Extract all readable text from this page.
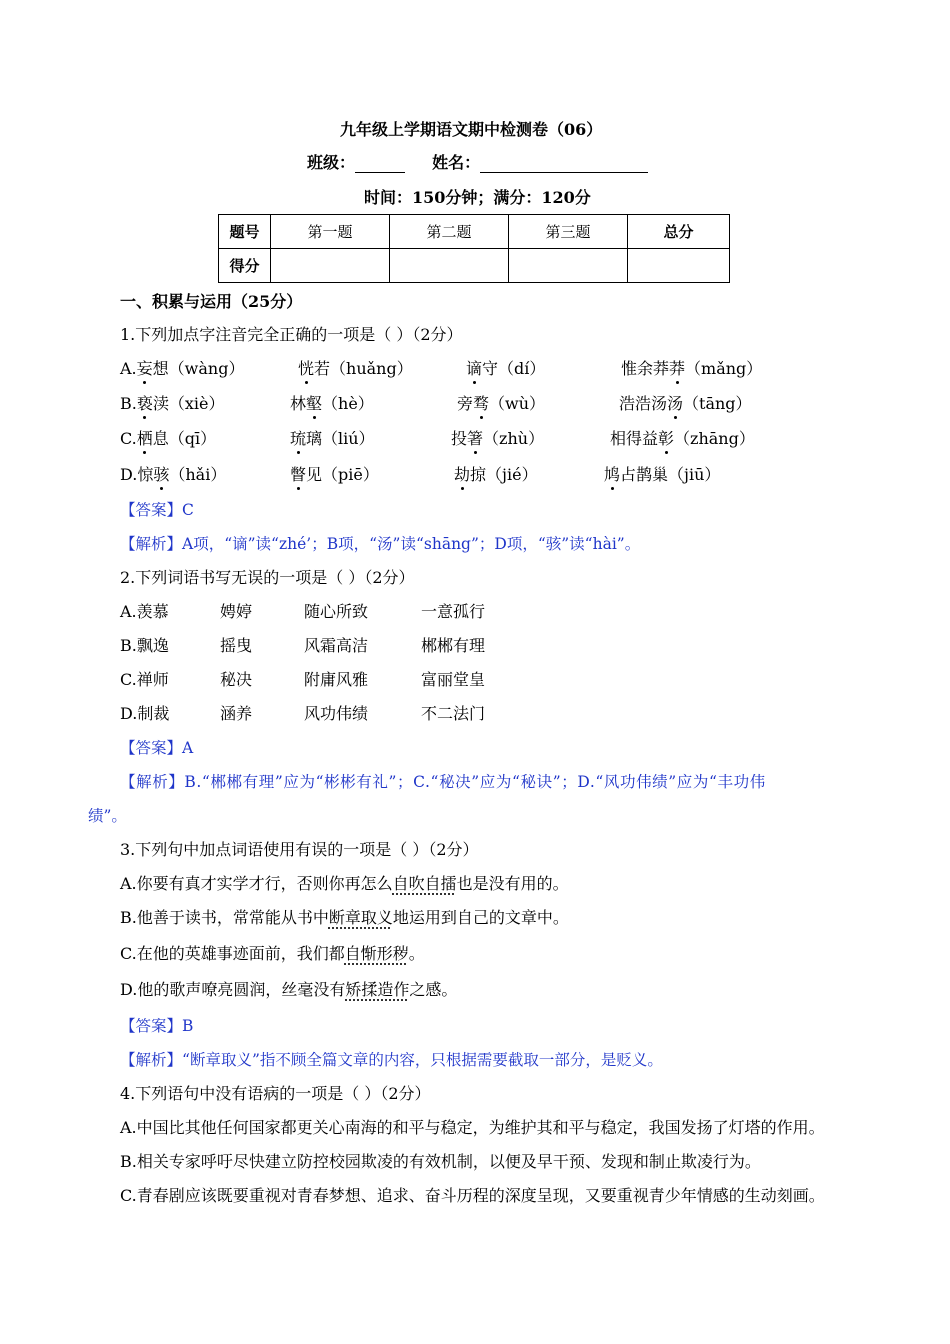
九年级上学期语文期中检测卷（06）
班级：	姓名：
时间：150分钟；满分：120分
题号	第一题	第二题	第三题	总分
得分				
一、积累与运用（25分）
1.下列加点字注音完全正确的一项是（ ）（2分）
A.妄想（wàng）	恍若（huǎng）	谪守（dí）	惟余莽莽（mǎng）
B.亵渎（xiè）	林壑（hè）	旁骛（wù）	浩浩汤汤（tāng）
C.栖息（qī）	琉璃（liú）	投箸（zhù）	相得益彰（zhāng）
D.惊骇（hǎi）	瞥见（piē）	劫掠（jié）	鸠占鹊巢（jiū）
【答案】C
【解析】A项，“谪”读“zhé’；B项，“汤”读“shāng”；D项，“骇”读“hài”。
2.下列词语书写无误的一项是（ ）（2分）
A.羡慕	娉婷	随心所致	一意孤行
B.飘逸	摇曳	风霜高洁	郴郴有理
C.禅师	秘决	附庸风雅	富丽堂皇
D.制裁	涵养	风功伟绩	不二法门
【答案】A
【解析】B.“郴郴有理”应为“彬彬有礼”；C.“秘决”应为“秘诀”；D.“风功伟绩”应为“丰功伟
绩”。
3.下列句中加点词语使用有误的一项是（ ）（2分）
A.你要有真才实学才行，否则你再怎么自吹自擂也是没有用的。
B.他善于读书，常常能从书中断章取义地运用到自己的文章中。
C.在他的英雄事迹面前，我们都自惭形秽。
D.他的歌声嘹亮圆润，丝毫没有矫揉造作之感。
【答案】B
【解析】“断章取义”指不顾全篇文章的内容，只根据需要截取一部分，是贬义。
4.下列语句中没有语病的一项是（ ）（2分）
A.中国比其他任何国家都更关心南海的和平与稳定，为维护其和平与稳定，我国发扬了灯塔的作用。
B.相关专家呼吁尽快建立防控校园欺凌的有效机制，以便及早干预、发现和制止欺凌行为。
C.青春剧应该既要重视对青春梦想、追求、奋斗历程的深度呈现，又要重视青少年情感的生动刻画。
